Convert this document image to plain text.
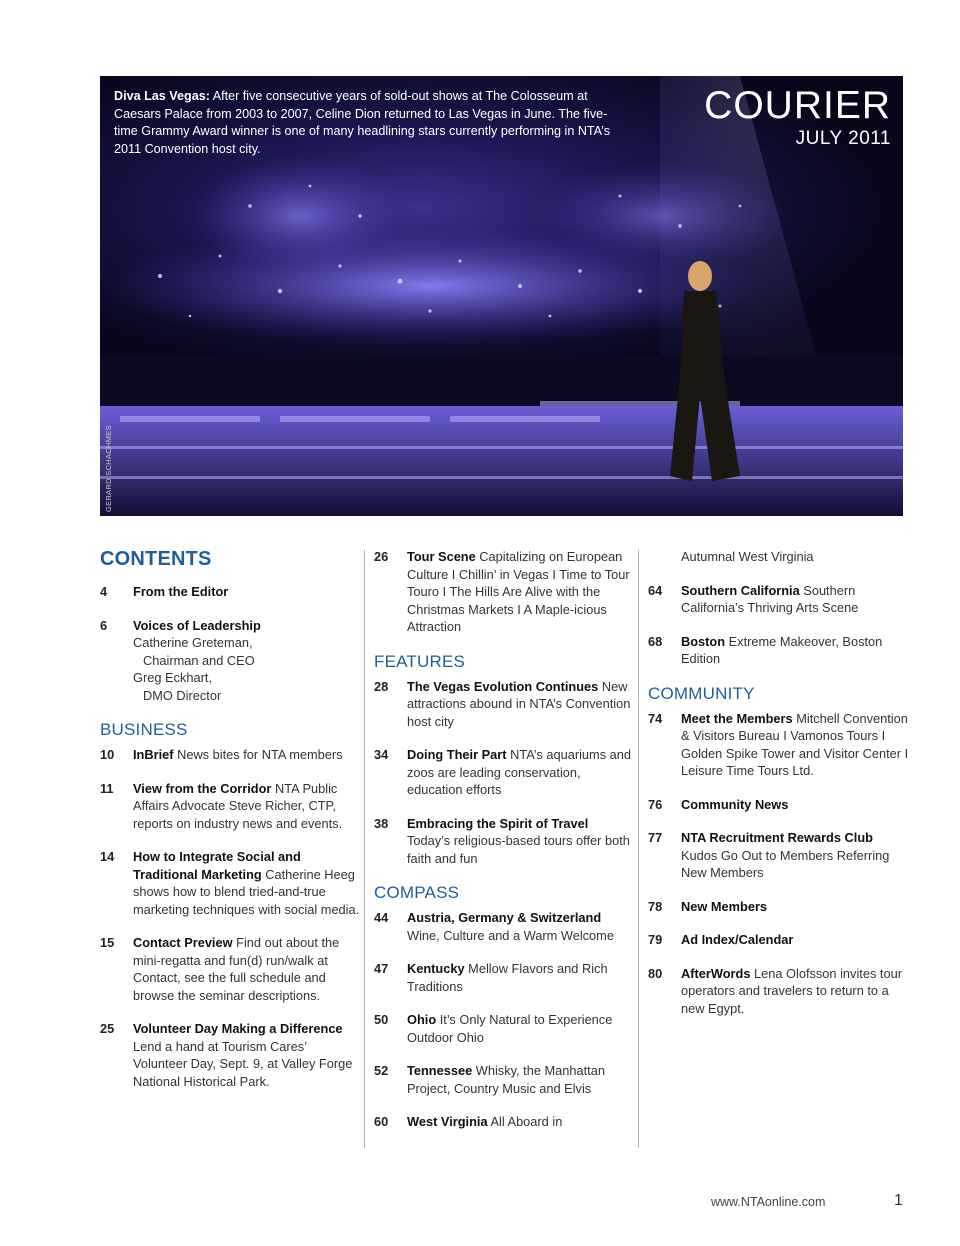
Diva Las Vegas: After five consecutive years of sold-out shows at The Colosseum at Caesars Palace from 2003 to 2007, Celine Dion returned to Las Vegas in June. The five-time Grammy Award winner is one of many headlining stars currently performing in NTA’s 2011 Convention host city.
COURIER
JULY 2011
GERARD SCHACHMES
CONTENTS
4	From the Editor
6	Voices of Leadership
Catherine Greteman,

Chairman and CEO
Greg Eckhart,

DMO Director
BUSINESS
10	InBrief News bites for NTA members
11	View from the Corridor NTA Public Affairs Advocate Steve Richer, CTP, reports on industry news and events.
14	How to Integrate Social and Traditional Marketing Catherine Heeg shows how to blend tried-and-true marketing techniques with social media.
15	Contact Preview Find out about the mini-regatta and fun(d) run/walk at Contact, see the full schedule and browse the seminar descriptions.
25	Volunteer Day Making a Difference Lend a hand at Tourism Cares’ Volunteer Day, Sept. 9, at Valley Forge National Historical Park.
26	Tour Scene Capitalizing on European Culture I Chillin’ in Vegas I Time to Tour Touro I The Hills Are Alive with the Christmas Markets I A Maple-icious Attraction
FEATURES
28	The Vegas Evolution Continues New attractions abound in NTA’s Convention host city
34	Doing Their Part NTA’s aquariums and zoos are leading conservation, education efforts
38	Embracing the Spirit of Travel Today’s religious-based tours offer both faith and fun
COMPASS
44	Austria, Germany & Switzerland Wine, Culture and a Warm Welcome
47	Kentucky Mellow Flavors and Rich Traditions
50	Ohio It’s Only Natural to Experience Outdoor Ohio
52	Tennessee Whisky, the Manhattan Project, Country Music and Elvis
60	West Virginia All Aboard in
Autumnal West Virginia
64	Southern California Southern California’s Thriving Arts Scene
68	Boston Extreme Makeover, Boston Edition
COMMUNITY
74	Meet the Members Mitchell Convention & Visitors Bureau I Vamonos Tours I Golden Spike Tower and Visitor Center I Leisure Time Tours Ltd.
76	Community News
77	NTA Recruitment Rewards Club Kudos Go Out to Members Referring New Members
78	New Members
79	Ad Index/Calendar
80	AfterWords Lena Olofsson invites tour operators and travelers to return to a new Egypt.
www.NTAonline.com	1
